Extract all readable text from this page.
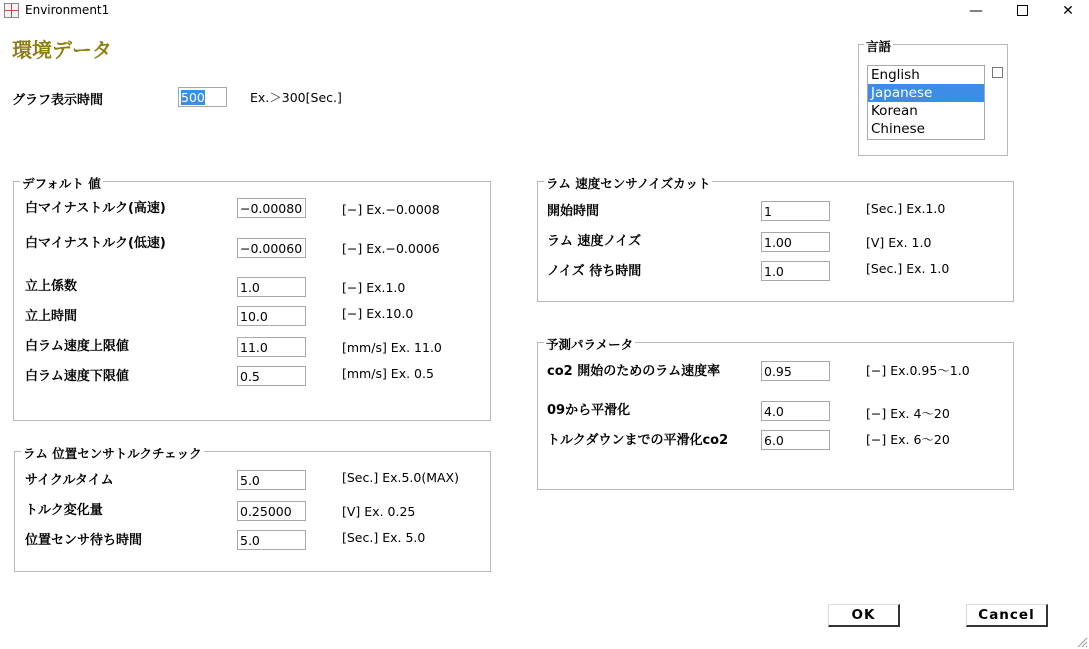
Environment1	—	✕
環境データ
グラフ表示時間	500	Ex.＞300[Sec.]
言語
English
Japanese
Korean
Chinese
デフォルト 値
白マイナストルク(高速)	−0.00080	[−] Ex.−0.0008
白マイナストルク(低速)	−0.00060	[−] Ex.−0.0006
立上係数	1.0	[−] Ex.1.0
立上時間	10.0	[−] Ex.10.0
白ラム速度上限値	11.0	[mm/s] Ex. 11.0
白ラム速度下限値	0.5	[mm/s] Ex. 0.5
ラム 位置センサトルクチェック
サイクルタイム	5.0	[Sec.] Ex.5.0(MAX)
トルク変化量	0.25000	[V] Ex. 0.25
位置センサ待ち時間	5.0	[Sec.] Ex. 5.0
ラム 速度センサノイズカット
開始時間	1	[Sec.] Ex.1.0
ラム 速度ノイズ	1.00	[V] Ex. 1.0
ノイズ 待ち時間	1.0	[Sec.] Ex. 1.0
予測パラメータ
co2 開始のためのラム速度率	0.95	[−] Ex.0.95〜1.0
09から平滑化	4.0	[−] Ex. 4〜20
トルクダウンまでの平滑化co2	6.0	[−] Ex. 6〜20
OK	Cancel
